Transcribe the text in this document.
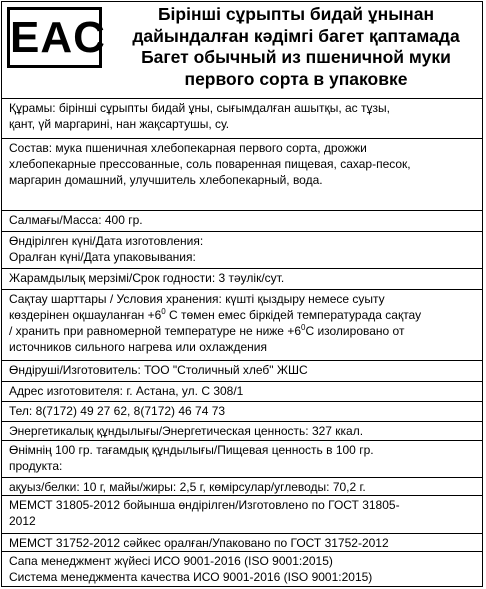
EAC	Бірінші сұрыпты бидай ұнынан
дайындалған кәдімгі багет қаптамада
Багет обычный из пшеничной муки
первого сорта в упаковке
Құрамы: бірінші сұрыпты бидай ұны, сығымдалған ашытқы, ас тұзы,
қант, үй маргарині, нан жақсартушы, су.
Состав: мука пшеничная хлебопекарная первого сорта, дрожжи
хлебопекарные прессованные, соль поваренная пищевая, сахар-песок,
маргарин домашний, улучшитель хлебопекарный, вода.
Салмағы/Масса: 400 гр.
Өндірілген күні/Дата изготовления:
Оралған күні/Дата упаковывания:
Жарамдылық мерзімі/Срок годности: 3 тәулік/сут.
Сақтау шарттары / Условия хранения: күшті қыздыру немесе суыту
көздерінен оқшауланған $+6^0$ С төмен емес біркідей температурада сақтау
/ хранить при равномерной температуре не ниже $+6^0С$ изолировано от
источников сильного нагрева или охлаждения
Өндіруші/Изготовитель: ТОО "Столичный хлеб" ЖШС
Адрес изготовителя: г. Астана, ул. С 308/1
Тел: 8(7172) 49 27 62, 8(7172) 46 74 73
Энергетикалық құндылығы/Энергетическая ценность: 327 ккал.
Өнімнің 100 гр. тағамдық құндылығы/Пищевая ценность в 100 гр.
продукта:
ақуыз/белки: 10 г, майы/жиры: 2,5 г, көмірсулар/углеводы: 70,2 г.
МЕМСТ 31805-2012 бойынша өндірілген/Изготовлено по ГОСТ 31805-
2012
МЕМСТ 31752-2012 сәйкес оралған/Упаковано по ГОСТ 31752-2012
Сапа менеджмент жүйесі ИСО 9001-2016 (ISO 9001:2015)
Система менеджмента качества ИСО 9001-2016 (ISO 9001:2015)
